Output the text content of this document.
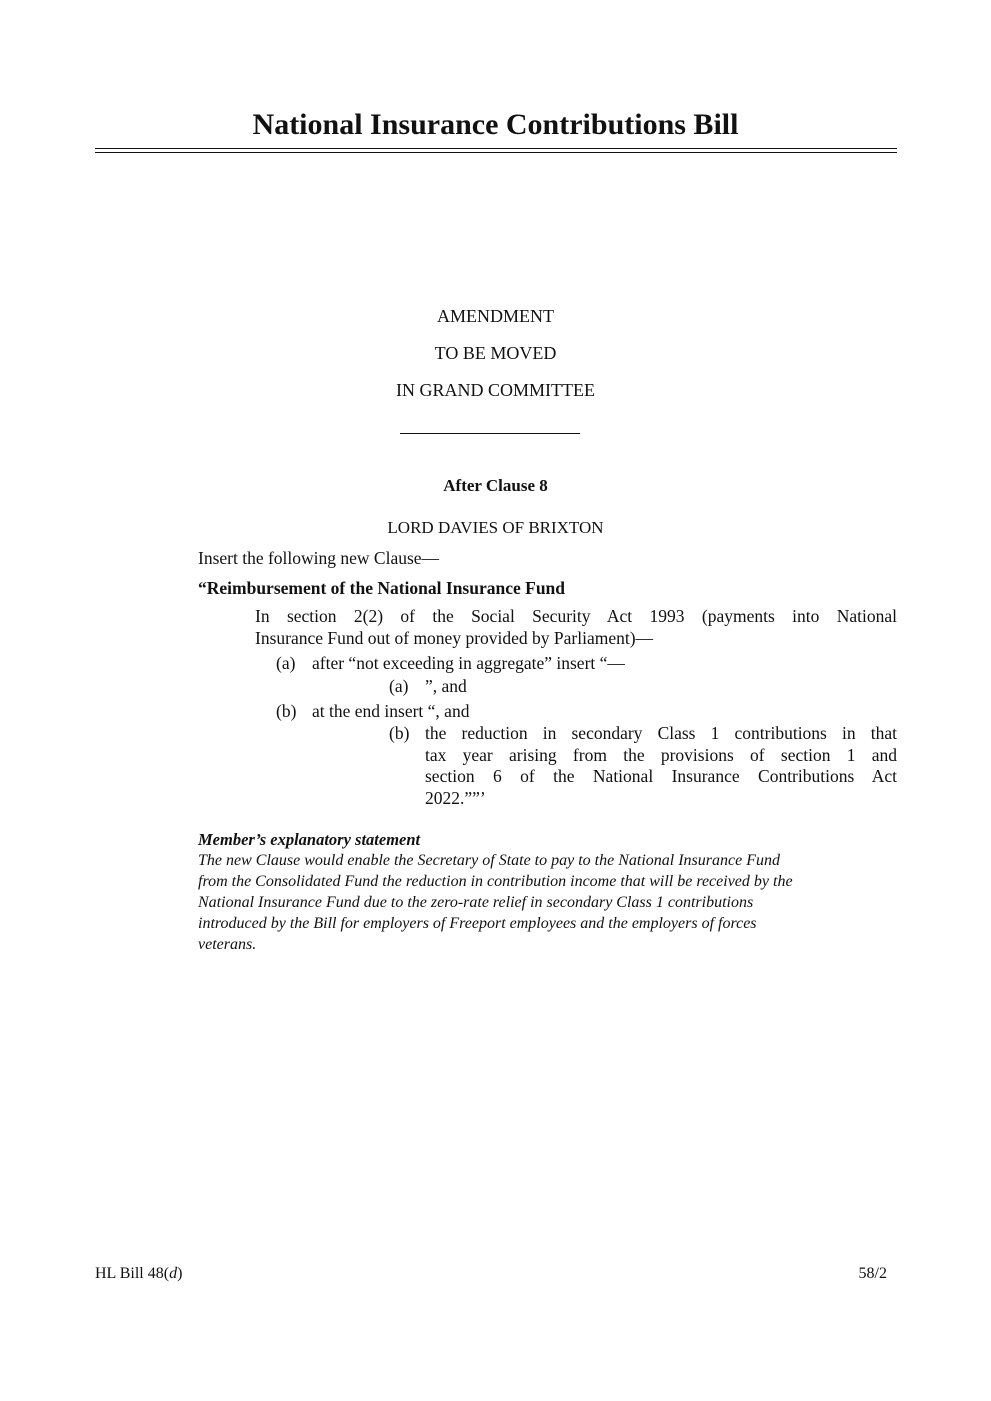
National Insurance Contributions Bill
AMENDMENT
TO BE MOVED
IN GRAND COMMITTEE
After Clause 8
LORD DAVIES OF BRIXTON
Insert the following new Clause—
“Reimbursement of the National Insurance Fund
In section 2(2) of the Social Security Act 1993 (payments into National
Insurance Fund out of money provided by Parliament)—
(a) after “not exceeding in aggregate” insert “—
(a) ”, and
(b) at the end insert “, and
(b) the reduction in secondary Class 1 contributions in that
tax year arising from the provisions of section 1 and
section 6 of the National Insurance Contributions Act
2022.””’
Member’s explanatory statement
The new Clause would enable the Secretary of State to pay to the National Insurance Fund
from the Consolidated Fund the reduction in contribution income that will be received by the
National Insurance Fund due to the zero-rate relief in secondary Class 1 contributions
introduced by the Bill for employers of Freeport employees and the employers of forces
veterans.
HL Bill 48(d)	58/2
